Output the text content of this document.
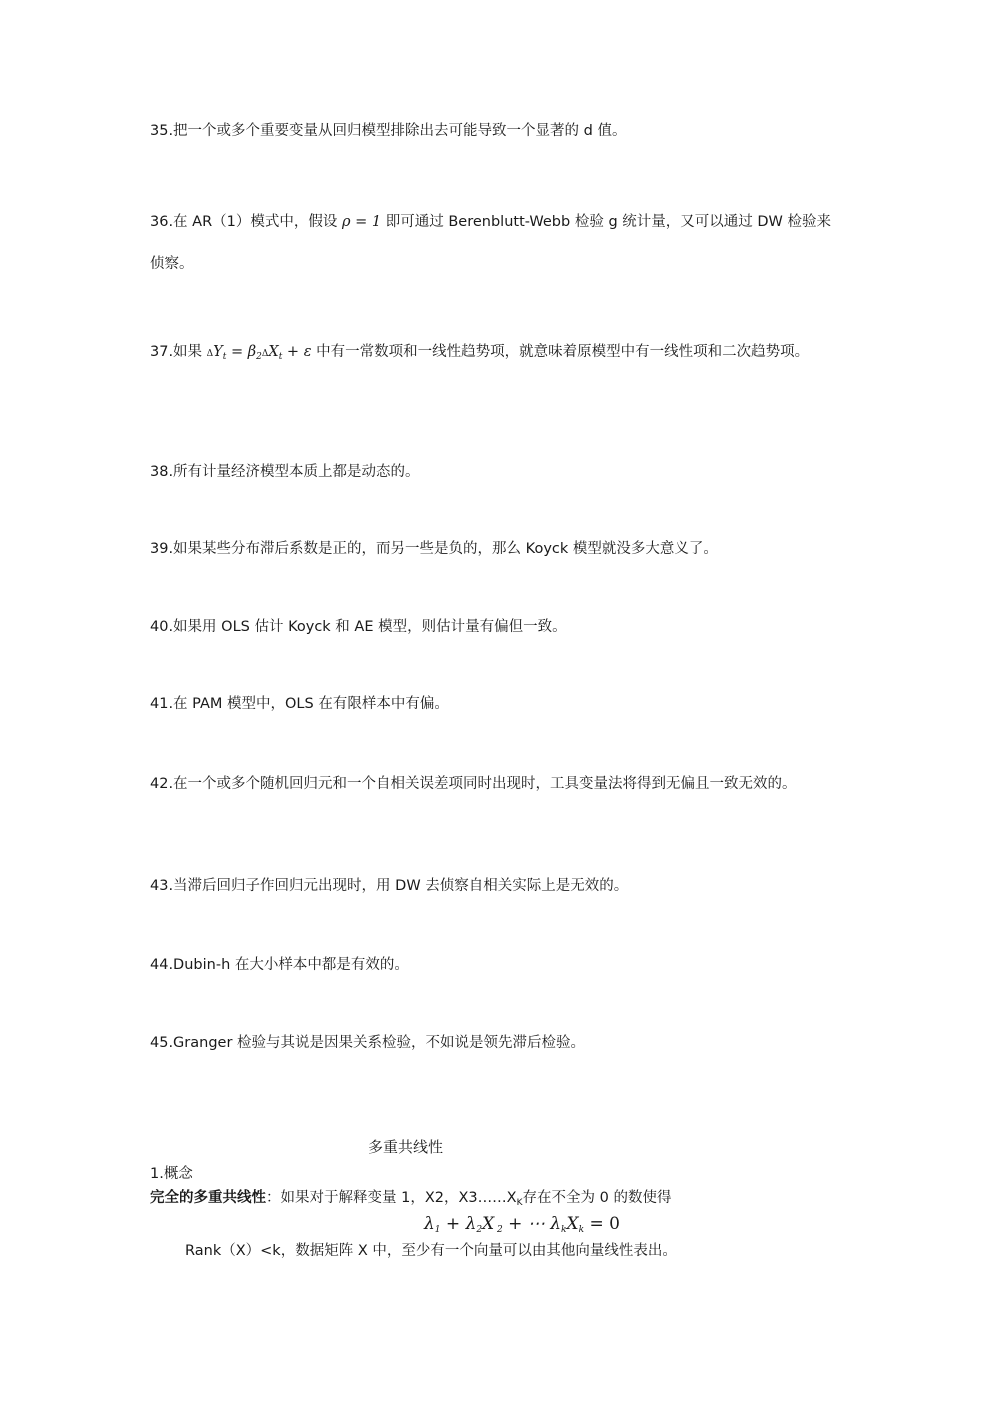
35.把一个或多个重要变量从回归模型排除出去可能导致一个显著的 d 值。

36.在 AR（1）模式中，假设 ρ = 1 即可通过 Berenblutt-Webb 检验 g 统计量，又可以通过 DW 检验来侦察。

37.如果 $\Delta Y_t = \beta_2\Delta X_t + \varepsilon$ 中有一常数项和一线性趋势项，就意味着原模型中有一线性项和二次趋势项。

38.所有计量经济模型本质上都是动态的。

39.如果某些分布滞后系数是正的，而另一些是负的，那么 Koyck 模型就没多大意义了。

40.如果用 OLS 估计 Koyck 和 AE 模型，则估计量有偏但一致。

41.在 PAM 模型中，OLS 在有限样本中有偏。

42.在一个或多个随机回归元和一个自相关误差项同时出现时，工具变量法将得到无偏且一致无效的。

43.当滞后回归子作回归元出现时，用 DW 去侦察自相关实际上是无效的。

44.Dubin-h 在大小样本中都是有效的。

45.Granger 检验与其说是因果关系检验，不如说是领先滞后检验。

多重共线性

1.概念

完全的多重共线性：如果对于解释变量 1，X2，$X3\dots\dots X_K$存在不全为 0 的数使得

$\lambda_1 + \lambda_2X$ $_2$ + ⋯ $\lambda_kX_k = 0$

Rank（X）<k，数据矩阵 X 中，至少有一个向量可以由其他向量线性表出。
